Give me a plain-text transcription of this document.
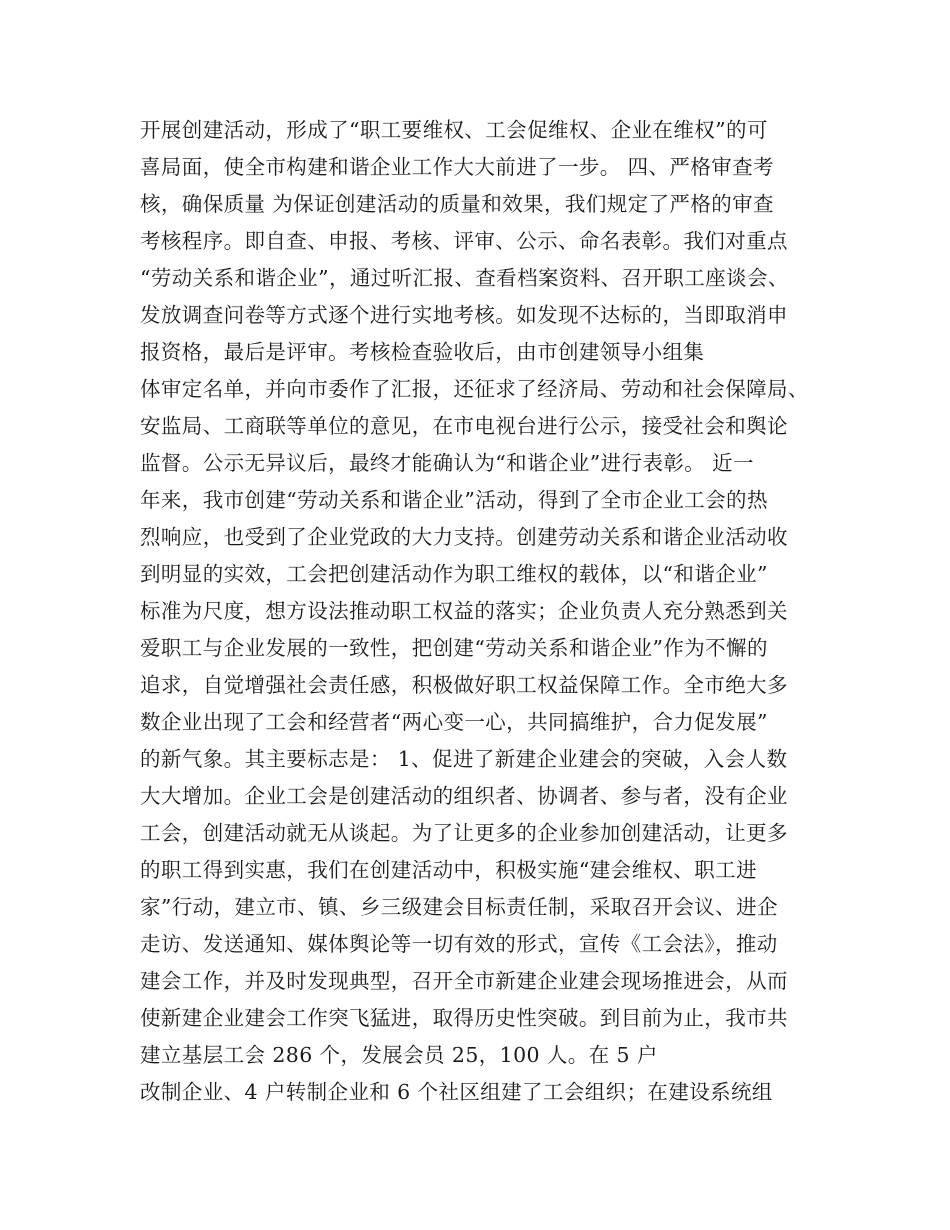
开展创建活动，形成了“职工要维权、工会促维权、企业在维权”的可
喜局面，使全市构建和谐企业工作大大前进了一步。 四、严格审查考
核，确保质量 为保证创建活动的质量和效果，我们规定了严格的审查
考核程序。即自查、申报、考核、评审、公示、命名表彰。我们对重点
“劳动关系和谐企业”，通过听汇报、查看档案资料、召开职工座谈会、
发放调查问卷等方式逐个进行实地考核。如发现不达标的，当即取消申
报资格，最后是评审。考核检查验收后，由市创建领导小组集
体审定名单，并向市委作了汇报，还征求了经济局、劳动和社会保障局、
安监局、工商联等单位的意见，在市电视台进行公示，接受社会和舆论
监督。公示无异议后，最终才能确认为“和谐企业”进行表彰。 近一
年来，我市创建“劳动关系和谐企业”活动，得到了全市企业工会的热
烈响应，也受到了企业党政的大力支持。创建劳动关系和谐企业活动收
到明显的实效，工会把创建活动作为职工维权的载体，以“和谐企业”
标准为尺度，想方设法推动职工权益的落实；企业负责人充分熟悉到关
爱职工与企业发展的一致性，把创建“劳动关系和谐企业”作为不懈的
追求，自觉增强社会责任感，积极做好职工权益保障工作。全市绝大多
数企业出现了工会和经营者“两心变一心，共同搞维护，合力促发展”
的新气象。其主要标志是： 1、促进了新建企业建会的突破，入会人数
大大增加。企业工会是创建活动的组织者、协调者、参与者，没有企业
工会，创建活动就无从谈起。为了让更多的企业参加创建活动，让更多
的职工得到实惠，我们在创建活动中，积极实施“建会维权、职工进
家”行动，建立市、镇、乡三级建会目标责任制，采取召开会议、进企
走访、发送通知、媒体舆论等一切有效的形式，宣传《工会法》，推动
建会工作，并及时发现典型，召开全市新建企业建会现场推进会，从而
使新建企业建会工作突飞猛进，取得历史性突破。到目前为止，我市共
建立基层工会 286 个，发展会员 25，100 人。在 5 户
改制企业、4 户转制企业和 6 个社区组建了工会组织；在建设系统组
